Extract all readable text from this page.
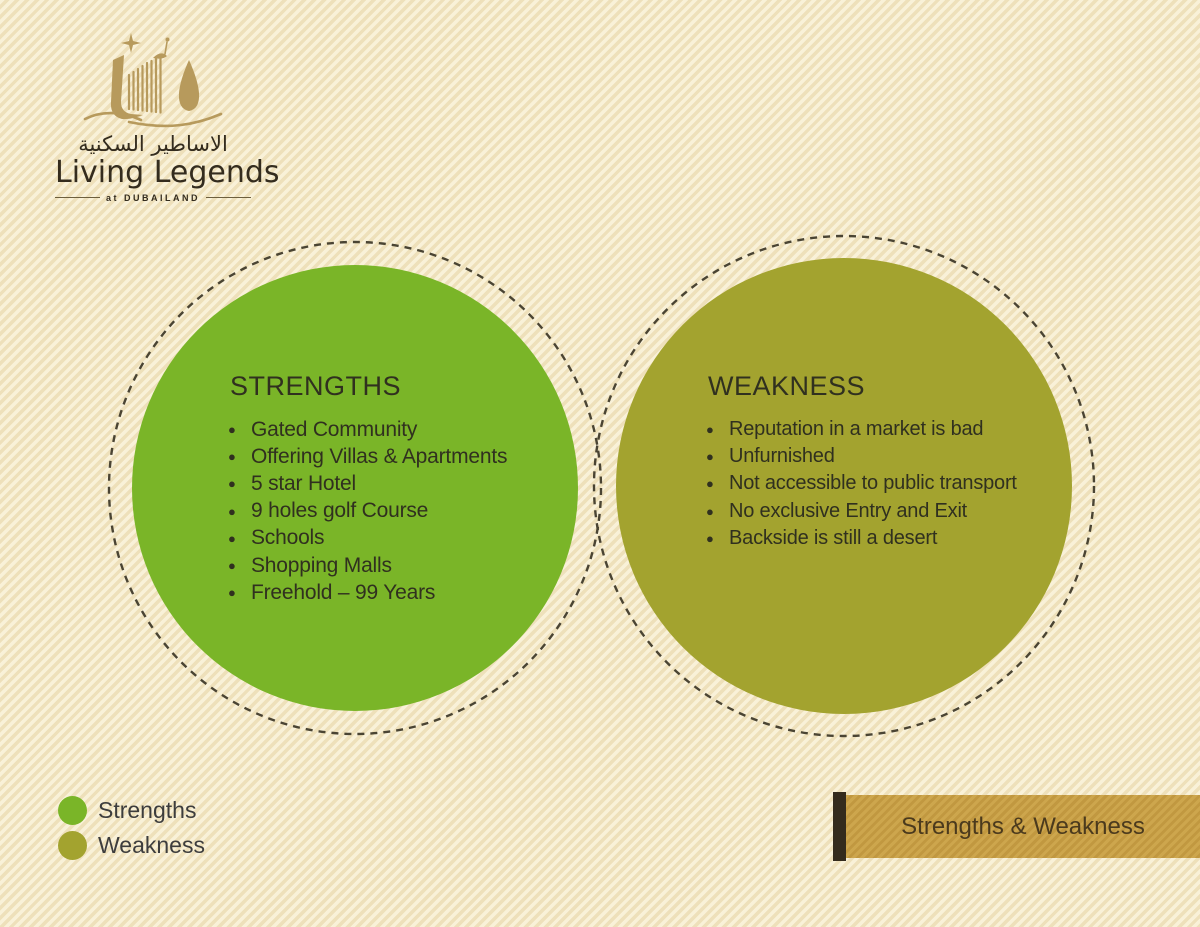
الاساطير السكنية
Living Legends
at DUBAILAND
STRENGTHS
● Gated Community
● Offering Villas & Apartments
● 5 star Hotel
● 9 holes golf Course
● Schools
● Shopping Malls
● Freehold – 99 Years
WEAKNESS
● Reputation in a market is bad
● Unfurnished
● Not accessible to public transport
● No exclusive Entry and Exit
● Backside is still a desert
Strengths
Weakness
Strengths & Weakness
